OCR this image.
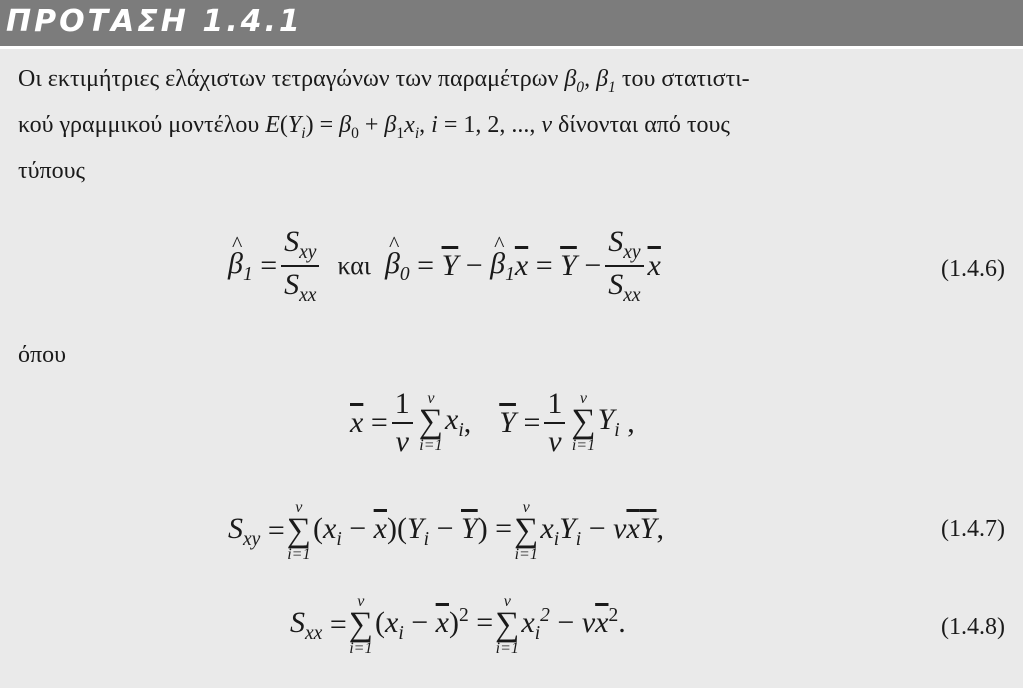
ΠΡΟΤΑΣΗ 1.4.1
Οι εκτιμήτριες ελάχιστων τετραγώνων των παραμέτρων $\beta_0$, $\beta_1$ του στατιστι-
κού γραμμικού μοντέλου $E(Y_i) = \beta_0 + \beta_1x_i$, i = 1, 2, ..., ν δίνονται από τους
τύπους
^ $\beta_1 = \frac{S_{xy}}{S_{xx}}$ και ^ $\beta_0 = \overline{Y}$ − ^ $\beta_1$ $\overline{x} = \overline{Y} - \frac{S_{xy}}{S_{xx}} \overline{x}$	(1.4.6)
όπου
$\overline{x} = \frac{1}{\nu}$ ν
∑
i=1
$x_i$ , $\overline{Y} = \frac{1}{\nu}$ ν
∑
i=1
$Y_i$ ,
$S_{xy}$ =
ν
∑
i=1
$(x_i - \overline{x})(Y_i - \overline{Y})$ =
ν
∑
i=1
$x_iY_i - \nu\overline{x}\overline{Y}$,	(1.4.7)
$S_{xx}$ =
ν
∑
i=1
$(x_i - \overline{x})^2$ =
ν
∑
i=1
$x_i^2 - \nu\overline{x}^2$.	(1.4.8)
